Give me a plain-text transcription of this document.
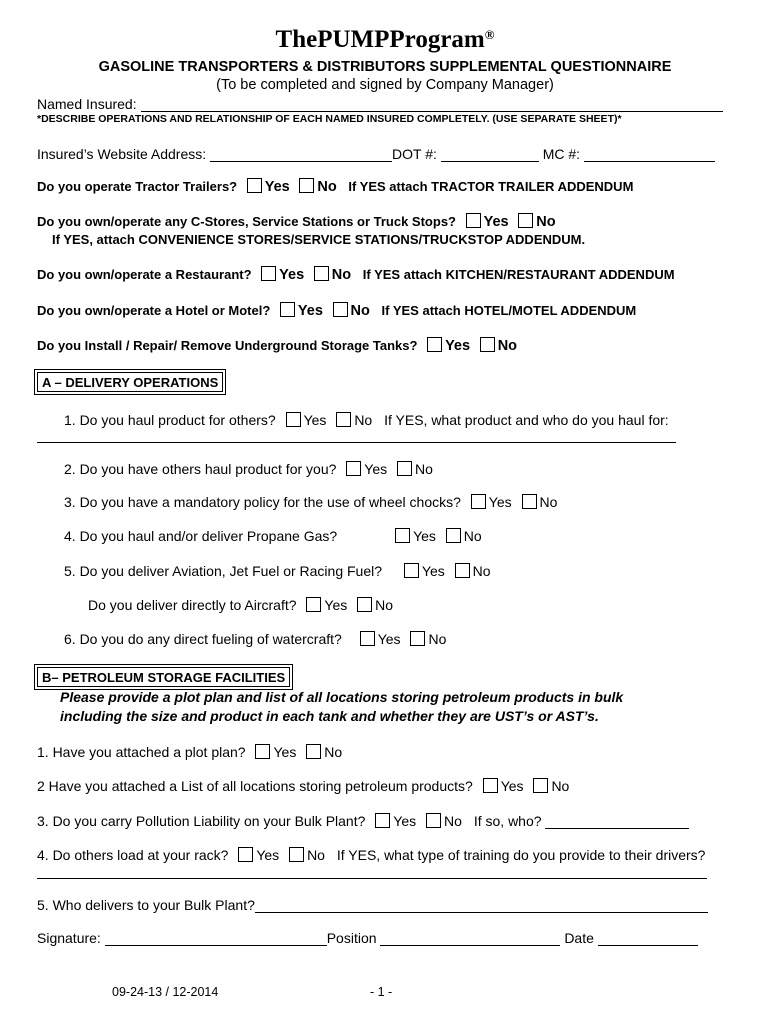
ThePUMPProgram®
GASOLINE TRANSPORTERS & DISTRIBUTORS SUPPLEMENTAL QUESTIONNAIRE
(To be completed and signed by Company Manager)
Named Insured:
*DESCRIBE OPERATIONS AND RELATIONSHIP OF EACH NAMED INSURED COMPLETELY. (USE SEPARATE SHEET)*
Insured’s Website Address:	DOT #:	MC #:
Do you operate Tractor Trailers? Yes No If YES attach TRACTOR TRAILER ADDENDUM
Do you own/operate any C-Stores, Service Stations or Truck Stops? Yes No
If YES, attach CONVENIENCE STORES/SERVICE STATIONS/TRUCKSTOP ADDENDUM.
Do you own/operate a Restaurant? Yes No If YES attach KITCHEN/RESTAURANT ADDENDUM
Do you own/operate a Hotel or Motel? Yes No If YES attach HOTEL/MOTEL ADDENDUM
Do you Install / Repair/ Remove Underground Storage Tanks? Yes No
A – DELIVERY OPERATIONS
1. Do you haul product for others? Yes No If YES, what product and who do you haul for:
2. Do you have others haul product for you? Yes No
3. Do you have a mandatory policy for the use of wheel chocks? Yes No
4. Do you haul and/or deliver Propane Gas?	Yes No
5. Do you deliver Aviation, Jet Fuel or Racing Fuel?	Yes No
Do you deliver directly to Aircraft? Yes No
6. Do you do any direct fueling of watercraft?	Yes No
B– PETROLEUM STORAGE FACILITIES
Please provide a plot plan and list of all locations storing petroleum products in bulk
including the size and product in each tank and whether they are UST’s or AST’s.
1. Have you attached a plot plan? Yes No
2 Have you attached a List of all locations storing petroleum products? Yes No
3. Do you carry Pollution Liability on your Bulk Plant? Yes No If so, who?
4. Do others load at your rack? Yes No If YES, what type of training do you provide to their drivers?
5. Who delivers to your Bulk Plant?
Signature:	Position	Date
09-24-13 / 12-2014	- 1 -
